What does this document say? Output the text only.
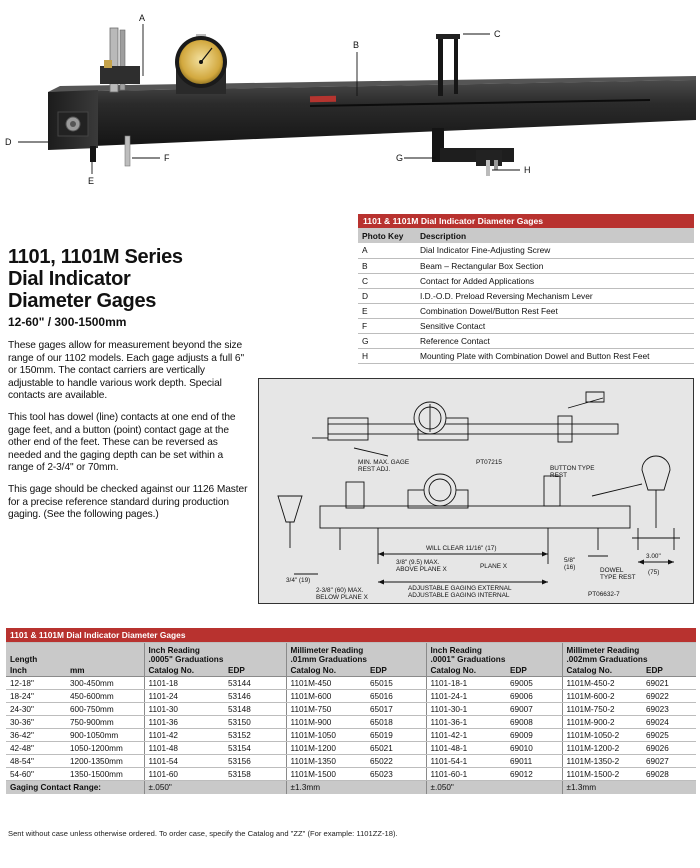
A
B
C
D
E
F	G
H
1101, 1101M Series
Dial Indicator
Diameter Gages
12-60" / 300-1500mm

These gages allow for measurement beyond the size range of our 1102 models. Each gage adjusts a full 6" or 150mm. The contact carriers are vertically adjustable to handle various work depth. Special contacts are available.

This tool has dowel (line) contacts at one end of the gage feet, and a button (point) contact gage at the other end of the feet. These can be reversed as needed and the gaging depth can be set within a range of 2-3/4" or 70mm.

This gage should be checked against our 1126 Master for a precise reference standard during production gaging. (See the following pages.)

1101 & 1101M Dial Indicator Diameter Gages	
Photo Key	Description
A	Dial Indicator Fine-Adjusting Screw
B	Beam – Rectangular Box Section
C	Contact for Added Applications
D	I.D.-O.D. Preload Reversing Mechanism Lever
E	Combination Dowel/Button Rest Feet
F	Sensitive Contact
G	Reference Contact
H	Mounting Plate with Combination Dowel and Button Rest Feet
MIN. MAX. GAGE
REST ADJ.
PT07215
BUTTON TYPE
REST
WILL CLEAR 11/16" (17)
3/8" (9.5) MAX.
ABOVE PLANE X	PLANE X
5/8"
(16)	DOWEL
TYPE REST
3.00"
(75)
3/4" (19)
2-3/8" (60) MAX.
BELOW PLANE X
ADJUSTABLE GAGING EXTERNAL
ADJUSTABLE GAGING INTERNAL	PT06632-7
1101 & 1101M Dial Indicator Diameter Gages									
Length		Inch Reading
.0005" Graduations		Millimeter Reading
.01mm Graduations		Inch Reading
.0001" Graduations		Millimeter Reading
.002mm Graduations	
Inch	mm	Catalog No.	EDP	Catalog No.	EDP	Catalog No.	EDP	Catalog No.	EDP
12-18"	300-450mm	1101-18	53144	1101M-450	65015	1101-18-1	69005	1101M-450-2	69021
18-24"	450-600mm	1101-24	53146	1101M-600	65016	1101-24-1	69006	1101M-600-2	69022
24-30"	600-750mm	1101-30	53148	1101M-750	65017	1101-30-1	69007	1101M-750-2	69023
30-36"	750-900mm	1101-36	53150	1101M-900	65018	1101-36-1	69008	1101M-900-2	69024
36-42"	900-1050mm	1101-42	53152	1101M-1050	65019	1101-42-1	69009	1101M-1050-2	69025
42-48"	1050-1200mm	1101-48	53154	1101M-1200	65021	1101-48-1	69010	1101M-1200-2	69026
48-54"	1200-1350mm	1101-54	53156	1101M-1350	65022	1101-54-1	69011	1101M-1350-2	69027
54-60"	1350-1500mm	1101-60	53158	1101M-1500	65023	1101-60-1	69012	1101M-1500-2	69028
Gaging Contact Range:		±.050"		±1.3mm		±.050"		±1.3mm	
Sent without case unless otherwise ordered. To order case, specify the Catalog and "ZZ" (For example: 1101ZZ-18).
